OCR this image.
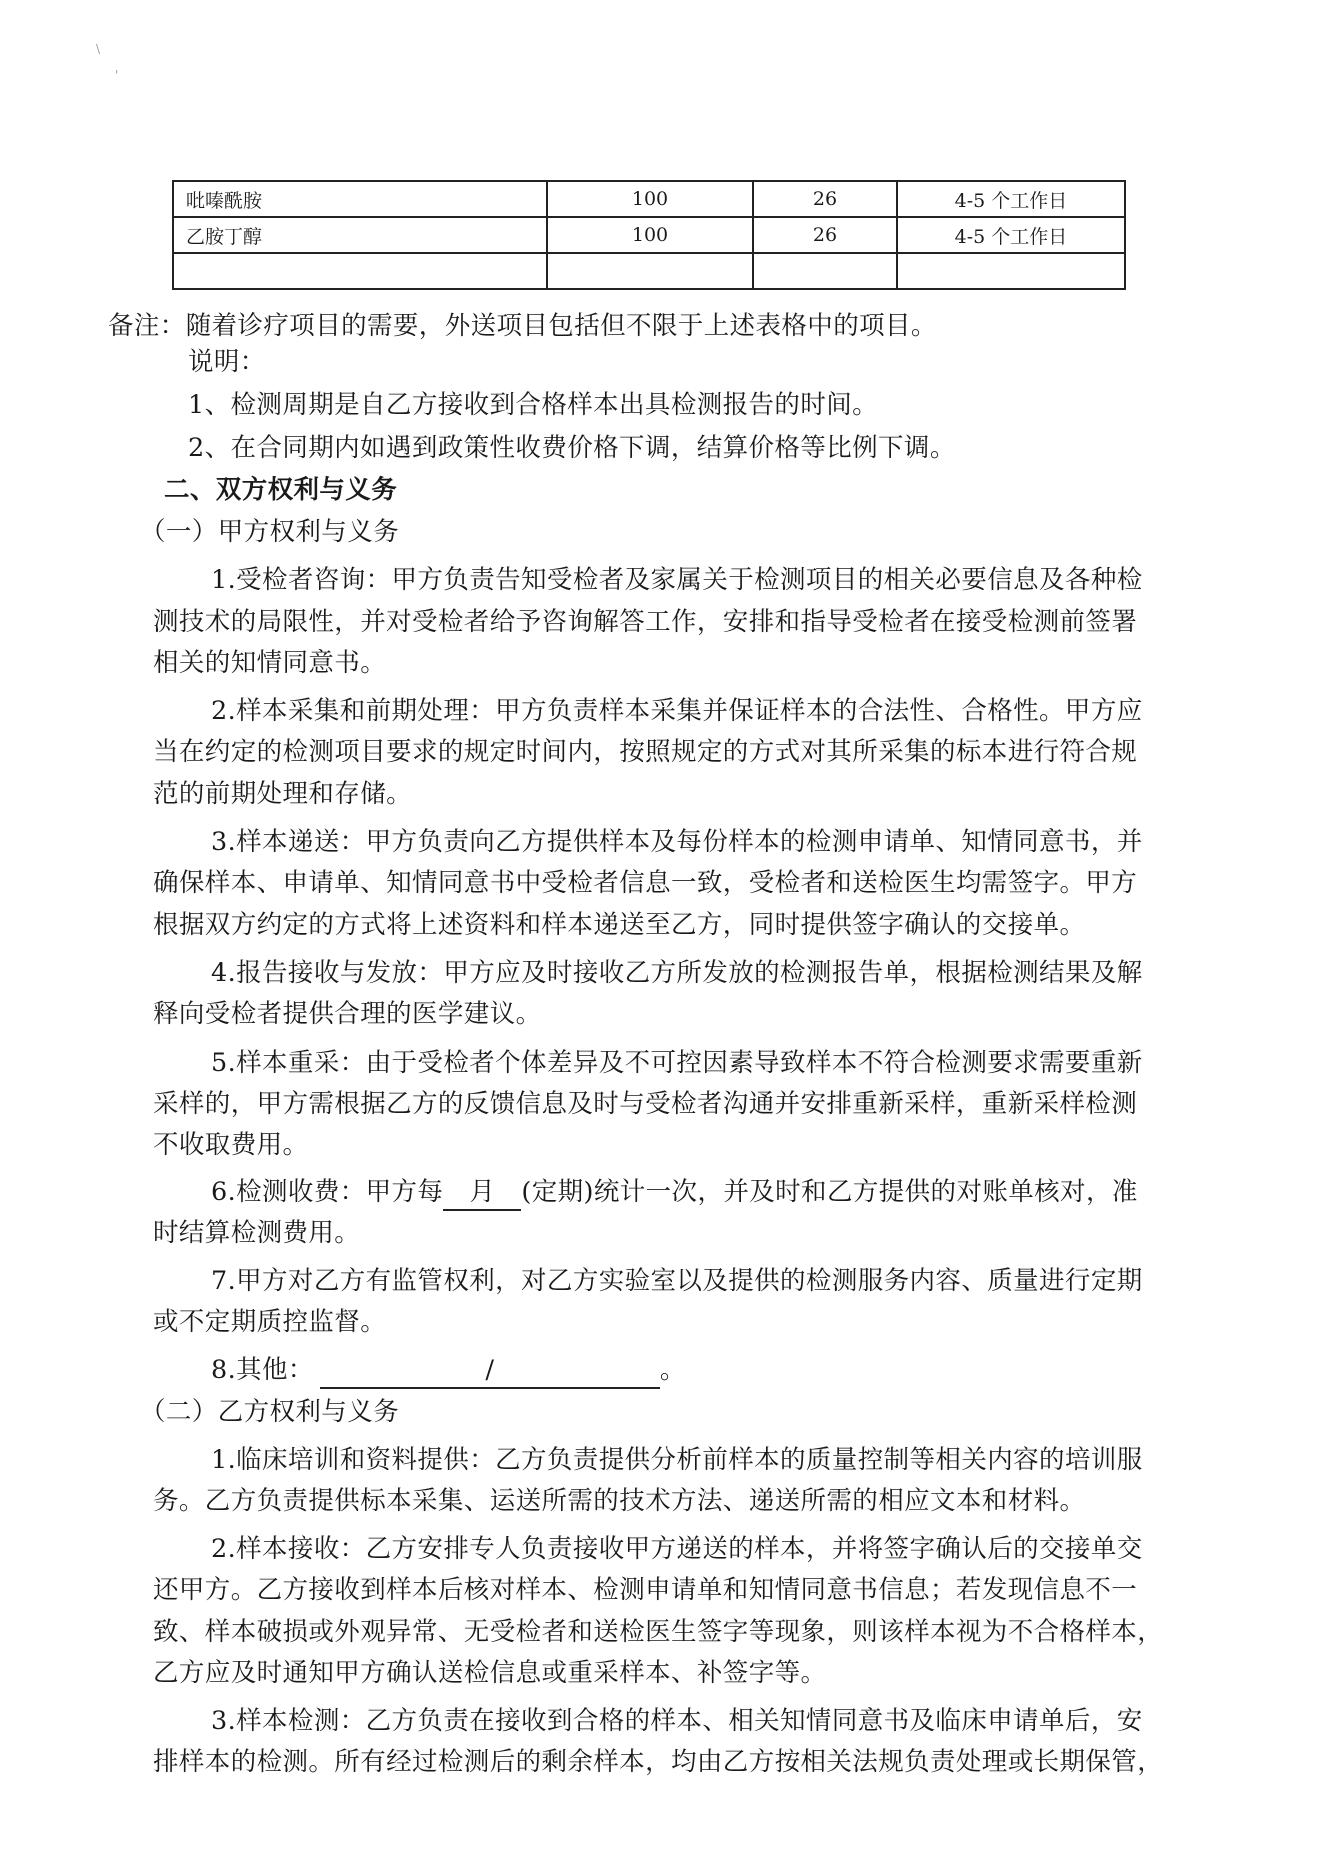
\
'
吡嗪酰胺	100	26	4-5 个工作日
乙胺丁醇	100	26	4-5 个工作日

备注：随着诊疗项目的需要，外送项目包括但不限于上述表格中的项目。
说明：
1、检测周期是自乙方接收到合格样本出具检测报告的时间。
2、在合同期内如遇到政策性收费价格下调，结算价格等比例下调。
二、双方权利与义务
（一）甲方权利与义务
1.受检者咨询：甲方负责告知受检者及家属关于检测项目的相关必要信息及各种检
测技术的局限性，并对受检者给予咨询解答工作，安排和指导受检者在接受检测前签署
相关的知情同意书。
2.样本采集和前期处理：甲方负责样本采集并保证样本的合法性、合格性。甲方应
当在约定的检测项目要求的规定时间内，按照规定的方式对其所采集的标本进行符合规
范的前期处理和存储。
3.样本递送：甲方负责向乙方提供样本及每份样本的检测申请单、知情同意书，并
确保样本、申请单、知情同意书中受检者信息一致，受检者和送检医生均需签字。甲方
根据双方约定的方式将上述资料和样本递送至乙方，同时提供签字确认的交接单。
4.报告接收与发放：甲方应及时接收乙方所发放的检测报告单，根据检测结果及解
释向受检者提供合理的医学建议。
5.样本重采：由于受检者个体差异及不可控因素导致样本不符合检测要求需要重新
采样的，甲方需根据乙方的反馈信息及时与受检者沟通并安排重新采样，重新采样检测
不收取费用。
6.检测收费：甲方每 月 (定期)统计一次，并及时和乙方提供的对账单核对，准
时结算检测费用。
7.甲方对乙方有监管权利，对乙方实验室以及提供的检测服务内容、质量进行定期
或不定期质控监督。
8.其他：	/	。
（二）乙方权利与义务
1.临床培训和资料提供：乙方负责提供分析前样本的质量控制等相关内容的培训服
务。乙方负责提供标本采集、运送所需的技术方法、递送所需的相应文本和材料。
2.样本接收：乙方安排专人负责接收甲方递送的样本，并将签字确认后的交接单交
还甲方。乙方接收到样本后核对样本、检测申请单和知情同意书信息；若发现信息不一
致、样本破损或外观异常、无受检者和送检医生签字等现象，则该样本视为不合格样本，
乙方应及时通知甲方确认送检信息或重采样本、补签字等。
3.样本检测：乙方负责在接收到合格的样本、相关知情同意书及临床申请单后，安
排样本的检测。所有经过检测后的剩余样本，均由乙方按相关法规负责处理或长期保管，
